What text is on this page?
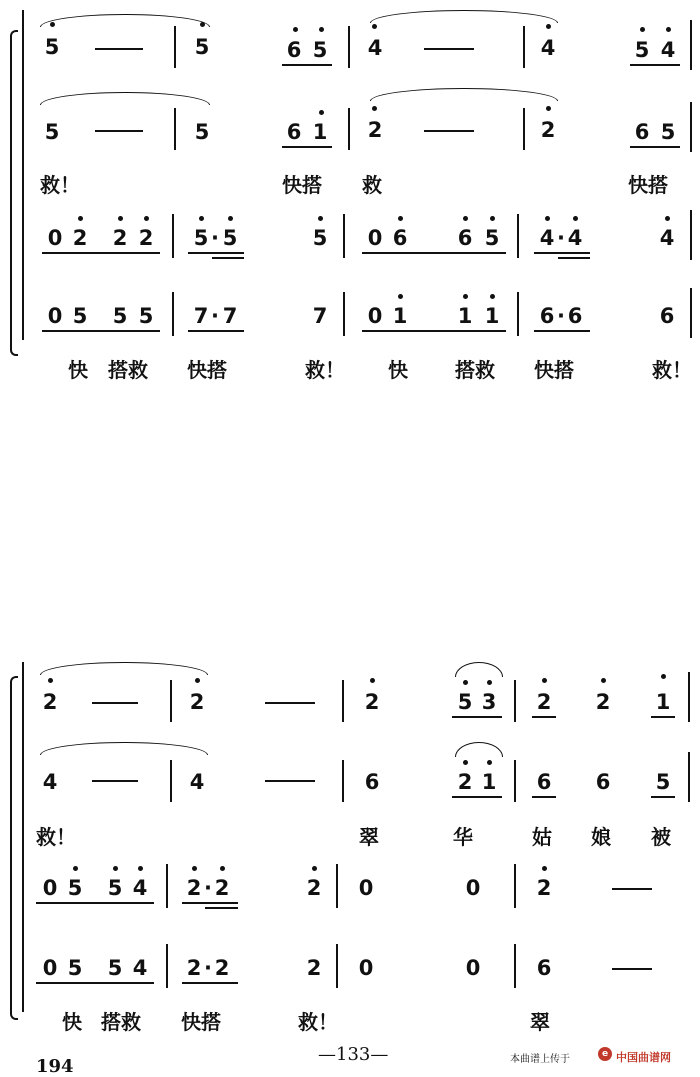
5	5	6 5 4	4	5 4
5	5	6 1 2	2	6 5
救！	快搭 救	快搭
0 2 2 2 5 · 5	5 0 6 6 5 4 · 4	4
0 5 5 5 7 · 7	7 0 1 1 1 6 · 6	6
快 搭救 快搭	救！ 快 搭救 快搭	救！
2	2	2	5 3 2 2 1
4	4	6	2 1 6 6 5
救！	翠	华	姑 娘 被
0 5 5 4 2 · 2	2 0	0	2
0 5 5 4 2 · 2	2 0	0	6
快 搭救 快搭	救！	翠
194
—133—	本曲谱上传于	e 中国曲谱网
